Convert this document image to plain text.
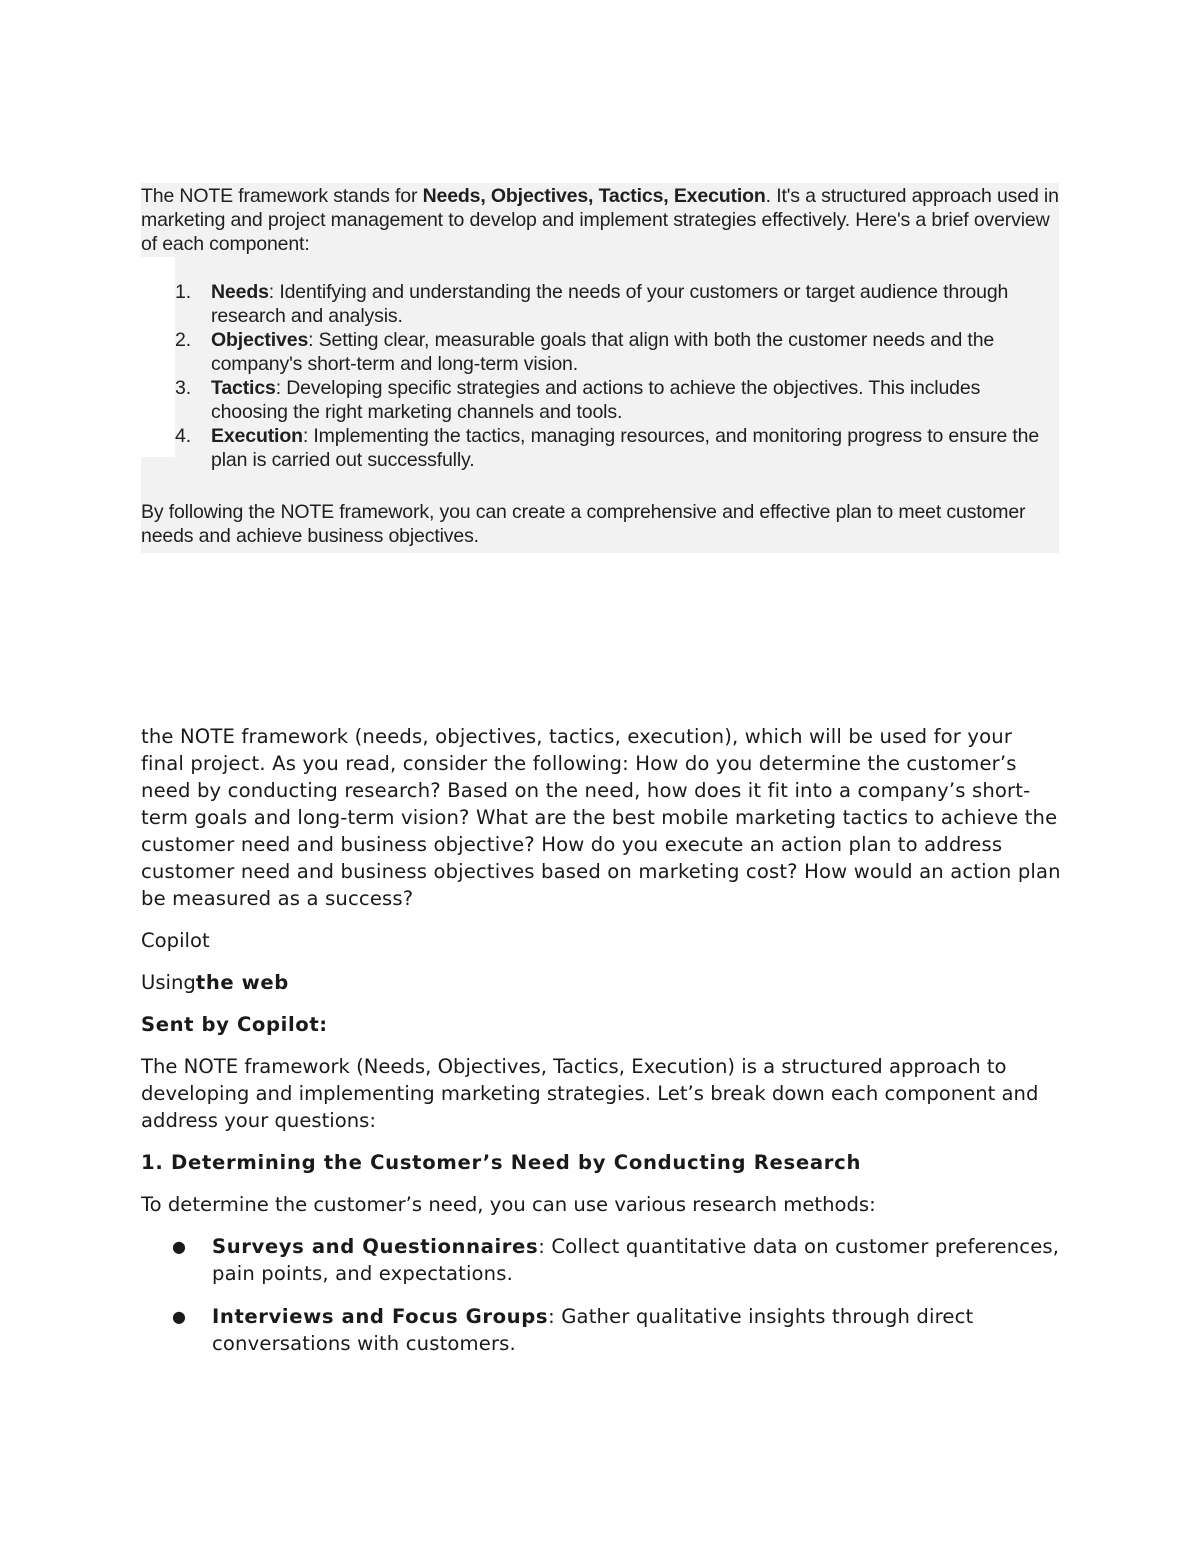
The NOTE framework stands for Needs, Objectives, Tactics, Execution. It's a structured approach used in marketing and project management to develop and implement strategies effectively. Here's a brief overview of each component:

1. Needs: Identifying and understanding the needs of your customers or target audience through research and analysis.
2. Objectives: Setting clear, measurable goals that align with both the customer needs and the company's short-term and long-term vision.
3. Tactics: Developing specific strategies and actions to achieve the objectives. This includes choosing the right marketing channels and tools.
4. Execution: Implementing the tactics, managing resources, and monitoring progress to ensure the plan is carried out successfully.

By following the NOTE framework, you can create a comprehensive and effective plan to meet customer needs and achieve business objectives.

the NOTE framework (needs, objectives, tactics, execution), which will be used for your final project. As you read, consider the following: How do you determine the customer’s need by conducting research? Based on the need, how does it fit into a company’s short-term goals and long-term vision? What are the best mobile marketing tactics to achieve the customer need and business objective? How do you execute an action plan to address customer need and business objectives based on marketing cost? How would an action plan be measured as a success?

Copilot

Usingthe web

Sent by Copilot:

The NOTE framework (Needs, Objectives, Tactics, Execution) is a structured approach to developing and implementing marketing strategies. Let’s break down each component and address your questions:

1. Determining the Customer’s Need by Conducting Research

To determine the customer’s need, you can use various research methods:

● Surveys and Questionnaires: Collect quantitative data on customer preferences, pain points, and expectations.
● Interviews and Focus Groups: Gather qualitative insights through direct conversations with customers.
